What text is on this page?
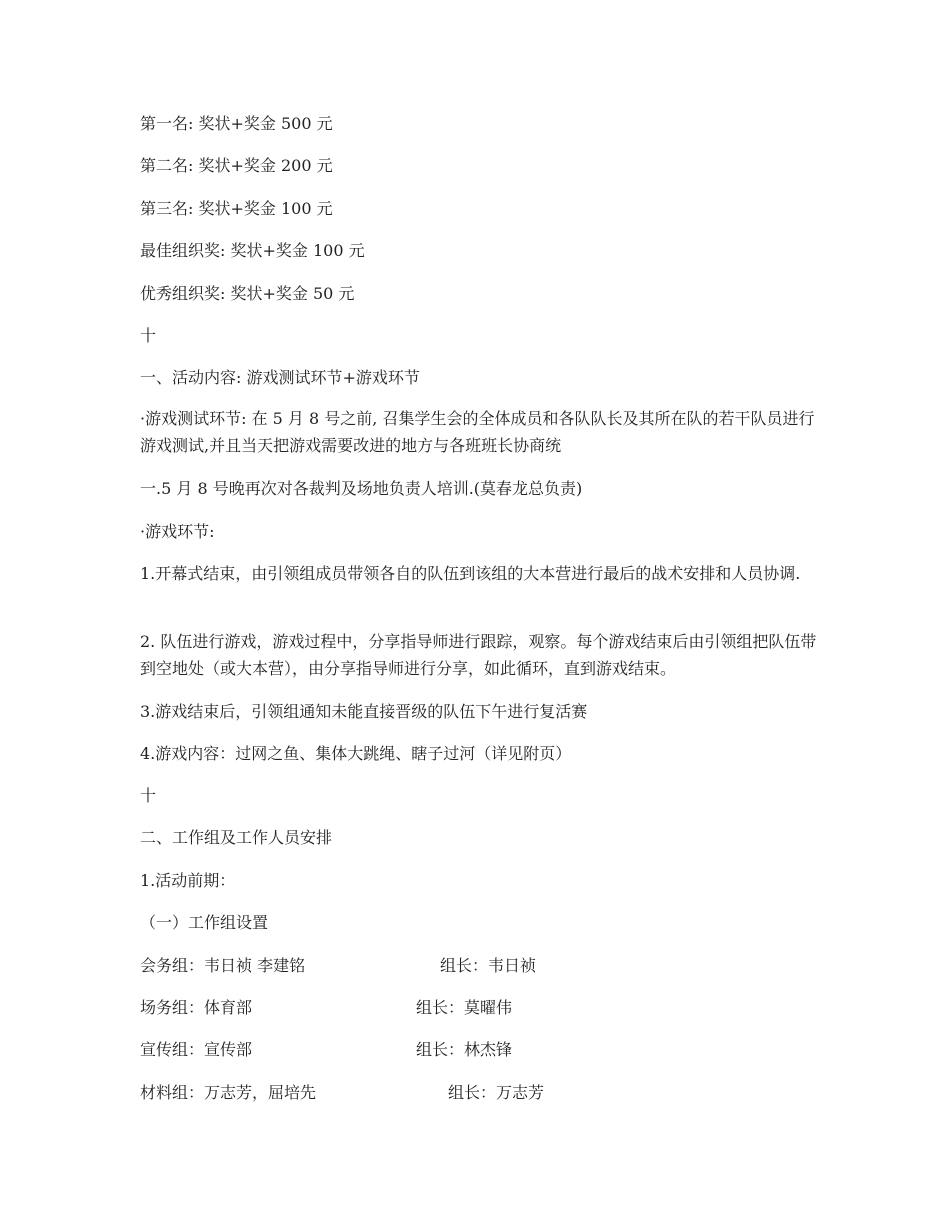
第一名: 奖状+奖金 500 元
第二名: 奖状+奖金 200 元
第三名: 奖状+奖金 100 元
最佳组织奖: 奖状+奖金 100 元
优秀组织奖: 奖状+奖金 50 元
十
一、活动内容: 游戏测试环节+游戏环节
·游戏测试环节: 在 5 月 8 号之前, 召集学生会的全体成员和各队队长及其所在队的若干队员进行游戏测试,并且当天把游戏需要改进的地方与各班班长协商统
一.5 月 8 号晚再次对各裁判及场地负责人培训.(莫春龙总负责)
·游戏环节:
1.开幕式结束，由引领组成员带领各自的队伍到该组的大本营进行最后的战术安排和人员协调.
2. 队伍进行游戏，游戏过程中，分享指导师进行跟踪，观察。每个游戏结束后由引领组把队伍带到空地处（或大本营），由分享指导师进行分享，如此循环，直到游戏结束。
3.游戏结束后，引领组通知未能直接晋级的队伍下午进行复活赛
4.游戏内容：过网之鱼、集体大跳绳、瞎子过河（详见附页）
十
二、工作组及工作人员安排
1.活动前期：
（一）工作组设置
会务组：韦日祯 李建铭	组长：韦日祯
场务组：体育部	组长：莫曜伟
宣传组：宣传部	组长：林杰锋
材料组：万志芳，屈培先	组长：万志芳
